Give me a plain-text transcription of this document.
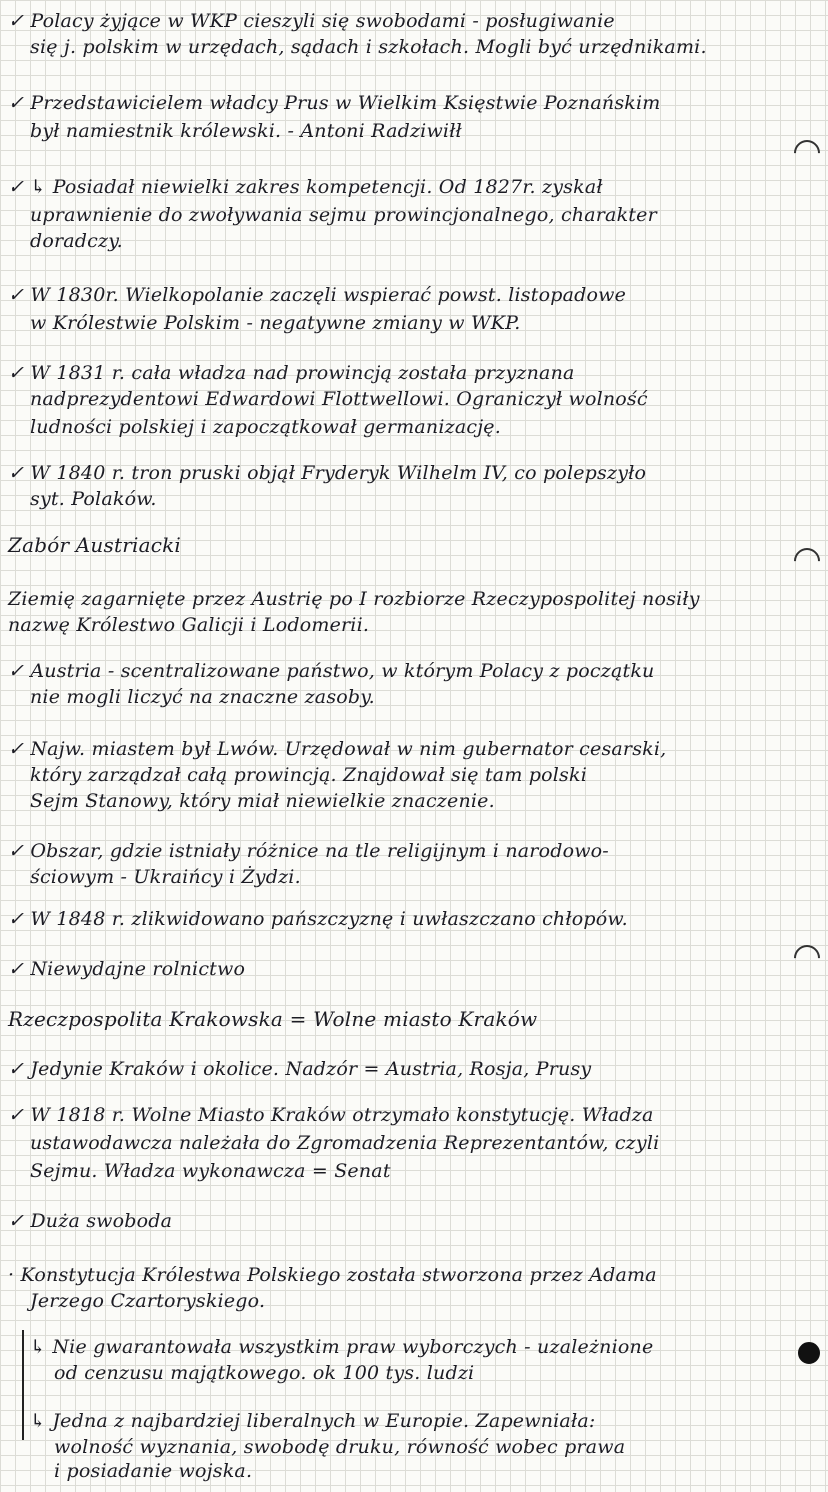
✓ Polacy żyjące w WKP cieszyli się swobodami - posługiwanie
się j. polskim w urzędach, sądach i szkołach. Mogli być urzędnikami.
✓ Przedstawicielem władcy Prus w Wielkim Księstwie Poznańskim
był namiestnik królewski. - Antoni Radziwiłł
✓ ↳ Posiadał niewielki zakres kompetencji. Od 1827r. zyskał
uprawnienie do zwoływania sejmu prowincjonalnego, charakter
doradczy.
✓ W 1830r. Wielkopolanie zaczęli wspierać powst. listopadowe
w Królestwie Polskim - negatywne zmiany w WKP.
✓ W 1831 r. cała władza nad prowincją została przyznana
nadprezydentowi Edwardowi Flottwellowi. Ograniczył wolność
ludności polskiej i zapoczątkował germanizację.
✓ W 1840 r. tron pruski objął Fryderyk Wilhelm IV, co polepszyło
syt. Polaków.
Zabór Austriacki
Ziemię zagarnięte przez Austrię po I rozbiorze Rzeczypospolitej nosiły
nazwę Królestwo Galicji i Lodomerii.
✓ Austria - scentralizowane państwo, w którym Polacy z początku
nie mogli liczyć na znaczne zasoby.
✓ Najw. miastem był Lwów. Urzędował w nim gubernator cesarski,
który zarządzał całą prowincją. Znajdował się tam polski
Sejm Stanowy, który miał niewielkie znaczenie.
✓ Obszar, gdzie istniały różnice na tle religijnym i narodowo-
ściowym - Ukraińcy i Żydzi.
✓ W 1848 r. zlikwidowano pańszczyznę i uwłaszczano chłopów.
✓ Niewydajne rolnictwo
Rzeczpospolita Krakowska = Wolne miasto Kraków
✓ Jedynie Kraków i okolice. Nadzór = Austria, Rosja, Prusy
✓ W 1818 r. Wolne Miasto Kraków otrzymało konstytucję. Władza
ustawodawcza należała do Zgromadzenia Reprezentantów, czyli
Sejmu. Władza wykonawcza = Senat
✓ Duża swoboda
· Konstytucja Królestwa Polskiego została stworzona przez Adama
Jerzego Czartoryskiego.
↳ Nie gwarantowała wszystkim praw wyborczych - uzależnione
od cenzusu majątkowego. ok 100 tys. ludzi
↳ Jedna z najbardziej liberalnych w Europie. Zapewniała:
wolność wyznania, swobodę druku, równość wobec prawa
i posiadanie wojska.
